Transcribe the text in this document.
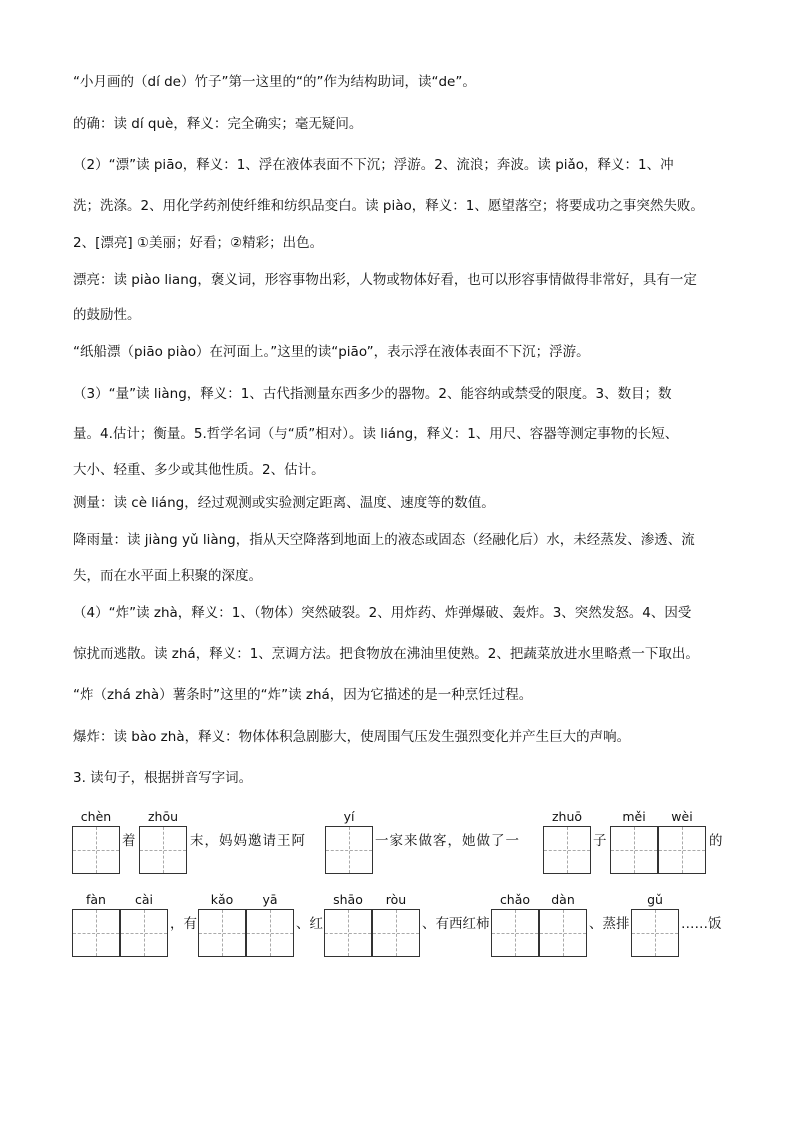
“小月画的（dí de）竹子”第一这里的“的”作为结构助词，读“de”。
的确：读 dí què，释义：完全确实；毫无疑问。
（2）“漂”读 piāo，释义：1、浮在液体表面不下沉；浮游。2、流浪；奔波。读 piǎo，释义：1、冲
洗；洗涤。2、用化学药剂使纤维和纺织品变白。读 piào，释义：1、愿望落空；将要成功之事突然失败。
2、[漂亮] ①美丽；好看；②精彩；出色。
漂亮：读 piào liang，褒义词，形容事物出彩，人物或物体好看，也可以形容事情做得非常好，具有一定
的鼓励性。
“纸船漂（piāo piào）在河面上。”这里的读“piāo”，表示浮在液体表面不下沉；浮游。
（3）“量”读 liàng，释义：1、古代指测量东西多少的器物。2、能容纳或禁受的限度。3、数目；数
量。4.估计；衡量。5.哲学名词（与“质”相对）。读 liáng，释义：1、用尺、容器等测定事物的长短、
大小、轻重、多少或其他性质。2、估计。
测量：读 cè liáng，经过观测或实验测定距离、温度、速度等的数值。
降雨量：读 jiàng yǔ liàng，指从天空降落到地面上的液态或固态（经融化后）水，未经蒸发、渗透、流
失，而在水平面上积聚的深度。
（4）“炸”读 zhà，释义：1、（物体）突然破裂。2、用炸药、炸弹爆破、轰炸。3、突然发怒。4、因受
惊扰而逃散。读 zhá，释义：1、烹调方法。把食物放在沸油里使熟。2、把蔬菜放进水里略煮一下取出。
“炸（zhá zhà）薯条时”这里的“炸”读 zhá，因为它描述的是一种烹饪过程。
爆炸：读 bào zhà，释义：物体体积急剧膨大，使周围气压发生强烈变化并产生巨大的声响。
3. 读句子，根据拼音写字词。
chèn	zhōu	yí	zhuō	měi	wèi
着	末，妈妈邀请王阿	一家来做客，她做了一	子	的
fàn	cài	kǎo	yā	shāo	ròu	chǎo	dàn	gǔ
，有	、红	、有西红柿	、蒸排	……饭
